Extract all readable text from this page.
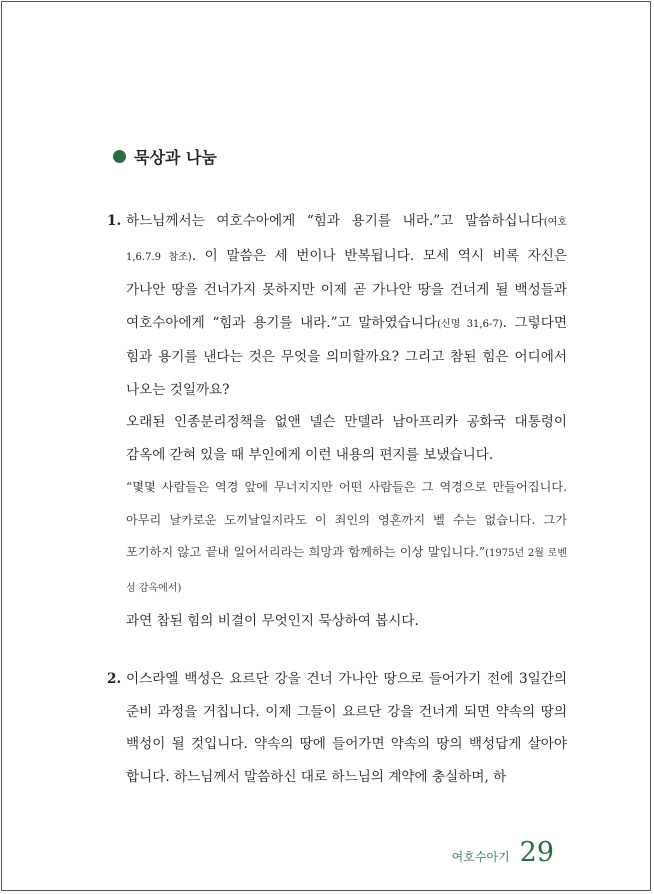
묵상과 나눔
1. 하느님께서는 여호수아에게 “힘과 용기를 내라.”고 말씀하십니다(여호 1,6.7.9 참조). 이 말씀은 세 번이나 반복됩니다. 모세 역시 비록 자신은 가나안 땅을 건너가지 못하지만 이제 곧 가나안 땅을 건너게 될 백성들과 여호수아에게 “힘과 용기를 내라.”고 말하였습니다(신명 31,6-7). 그렇다면 힘과 용기를 낸다는 것은 무엇을 의미할까요? 그리고 참된 힘은 어디에서 나오는 것일까요?

오래된 인종분리정책을 없앤 넬슨 만델라 남아프리카 공화국 대통령이 감옥에 갇혀 있을 때 부인에게 이런 내용의 편지를 보냈습니다.

“몇몇 사람들은 역경 앞에 무너지지만 어떤 사람들은 그 역경으로 만들어집니다. 아무리 날카로운 도끼날일지라도 이 죄인의 영혼까지 벨 수는 없습니다. 그가 포기하지 않고 끝내 일어서리라는 희망과 함께하는 이상 말입니다.”(1975년 2월 로벤 섬 감옥에서)

과연 참된 힘의 비결이 무엇인지 묵상하여 봅시다.

2. 이스라엘 백성은 요르단 강을 건너 가나안 땅으로 들어가기 전에 3일간의 준비 과정을 거칩니다. 이제 그들이 요르단 강을 건너게 되면 약속의 땅의 백성이 될 것입니다. 약속의 땅에 들어가면 약속의 땅의 백성답게 살아야 합니다. 하느님께서 말씀하신 대로 하느님의 계약에 충실하며, 하

여호수아기 29
